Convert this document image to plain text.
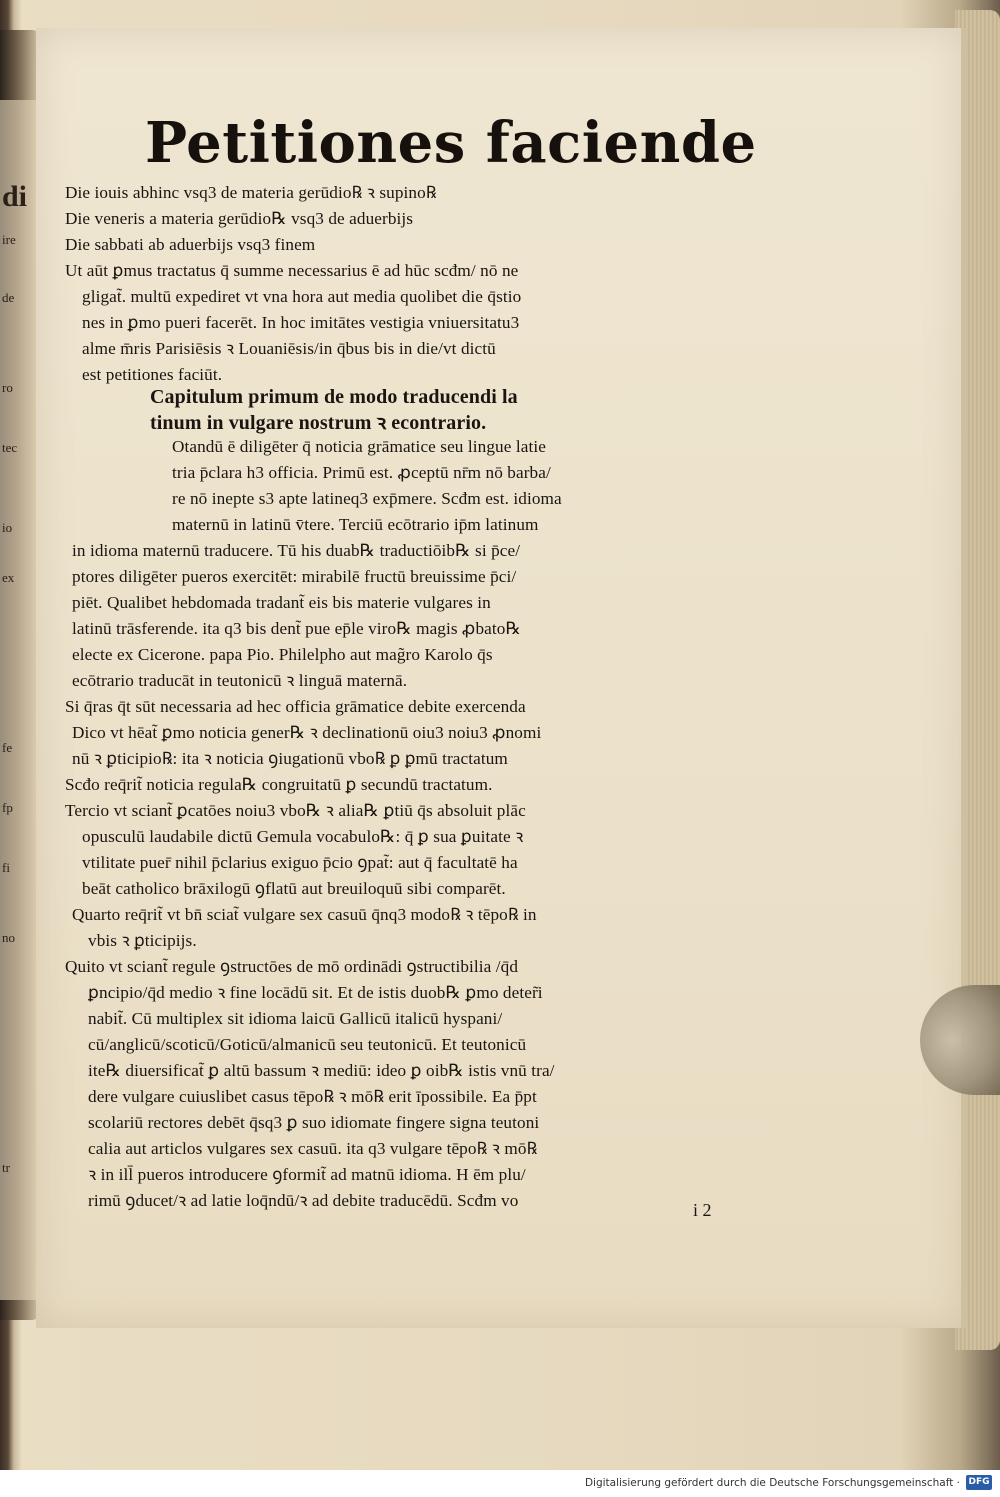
di
ire
de
ro
tec
io
ex
fe
fp
fi
no
tr
Petitiones faciende
Die iouis abhinc vsq3 de materia gerūdio℞ ꝛ supino℞
Die veneris a materia gerūdio℞ vsq3 de aduerbijs
Die sabbati ab aduerbijs vsq3 finem
Ut aūt ꝑmus tractatus q̄ summe necessarius ē ad hūc scđm/ nō ne
gligat̃. multū expediret vt vna hora aut media quolibet die q̄stio
nes in ꝑmo pueri facerēt. In hoc imitātes vestigia vniuersitatu3
alme m̄ris Parisiēsis ꝛ Louaniēsis/in q̄bus bis in die/vt dictū
est petitiones faciūt.
Capitulum primum de modo traducendi la
tinum in vulgare nostrum ꝛ econtrario.
Otandū ē diligēter q̄ noticia grāmatice seu lingue latie
tria p̄clara h3 officia. Primū est. ꝓceptū nr̄m nō barba/
re nō inepte s3 apte latineq3 exp̄mere. Scđm est. idioma
maternū in latinū v̄tere. Terciū ecōtrario ip̄m latinum
in idioma maternū traducere. Tū his duab℞ traductiōib℞ si p̄ce/
ptores diligēter pueros exercitēt: mirabilē fructū breuissime p̄ci/
piēt. Qualibet hebdomada tradant̃ eis bis materie vulgares in
latinū trāsferende. ita q3 bis dent̃ pue ep̄le viro℞ magis ꝓbato℞
electe ex Cicerone. papa Pio. Philelpho aut mag̃ro Karolo q̄s
ecōtrario traducāt in teutonicū ꝛ linguā maternā.
Si q̄ras q̄t sūt necessaria ad hec officia grāmatice debite exercenda
Dico vt hēat̃ ꝑmo noticia gener℞ ꝛ declinationū oiu3 noiu3 ꝓnomi
nū ꝛ ꝑticipio℞: ita ꝛ noticia ꝯiugationū vbo℞ ꝑ ꝑmū tractatum
Scđo req̄rit̃ noticia regula℞ congruitatū ꝑ secundū tractatum.
Tercio vt sciant̃ ꝑcatōes noiu3 vbo℞ ꝛ alia℞ ꝑtiū q̄s absoluit plāc
opusculū laudabile dictū Gemula vocabulo℞: q̄ ꝑ sua ꝑuitate ꝛ
vtilitate puer̄ nihil p̄clarius exiguo p̄cio ꝯpat̃: aut q̄ facultatē ha
beāt catholico brāxilogū ꝯflatū aut breuiloquū sibi comparēt.
Quarto req̄rit̃ vt bn̄ sciat̃ vulgare sex casuū q̄nq3 modo℞ ꝛ tēpo℞ in
vbis ꝛ ꝑticipijs.
Quito vt sciant̃ regule ꝯstructōes de mō ordinādi ꝯstructibilia /q̄d
ꝑncipio/q̄d medio ꝛ fine locādū sit. Et de istis duob℞ ꝑmo deter̃i
nabit̃. Cū multiplex sit idioma laicū Gallicū italicū hyspani/
cū/anglicū/scoticū/Goticū/almanicū seu teutonicū. Et teutonicū
ite℞ diuersificat̃ ꝑ altū bassum ꝛ mediū: ideo ꝑ oib℞ istis vnū tra/
dere vulgare cuiuslibet casus tēpo℞ ꝛ mō℞ erit īpossibile. Ea p̄pt
scolariū rectores debēt q̄sq3 ꝑ suo idiomate fingere signa teutoni
calia aut articlos vulgares sex casuū. ita q3 vulgare tēpo℞ ꝛ mō℞
ꝛ in ill̄ pueros introducere ꝯformit̃ ad matnū idioma. H ēm plu/
rimū ꝯducet/ꝛ ad latie loq̄ndū/ꝛ ad debite traducēdū. Scđm vo	i 2
Digitalisierung gefördert durch die Deutsche Forschungsgemeinschaft · DFG
